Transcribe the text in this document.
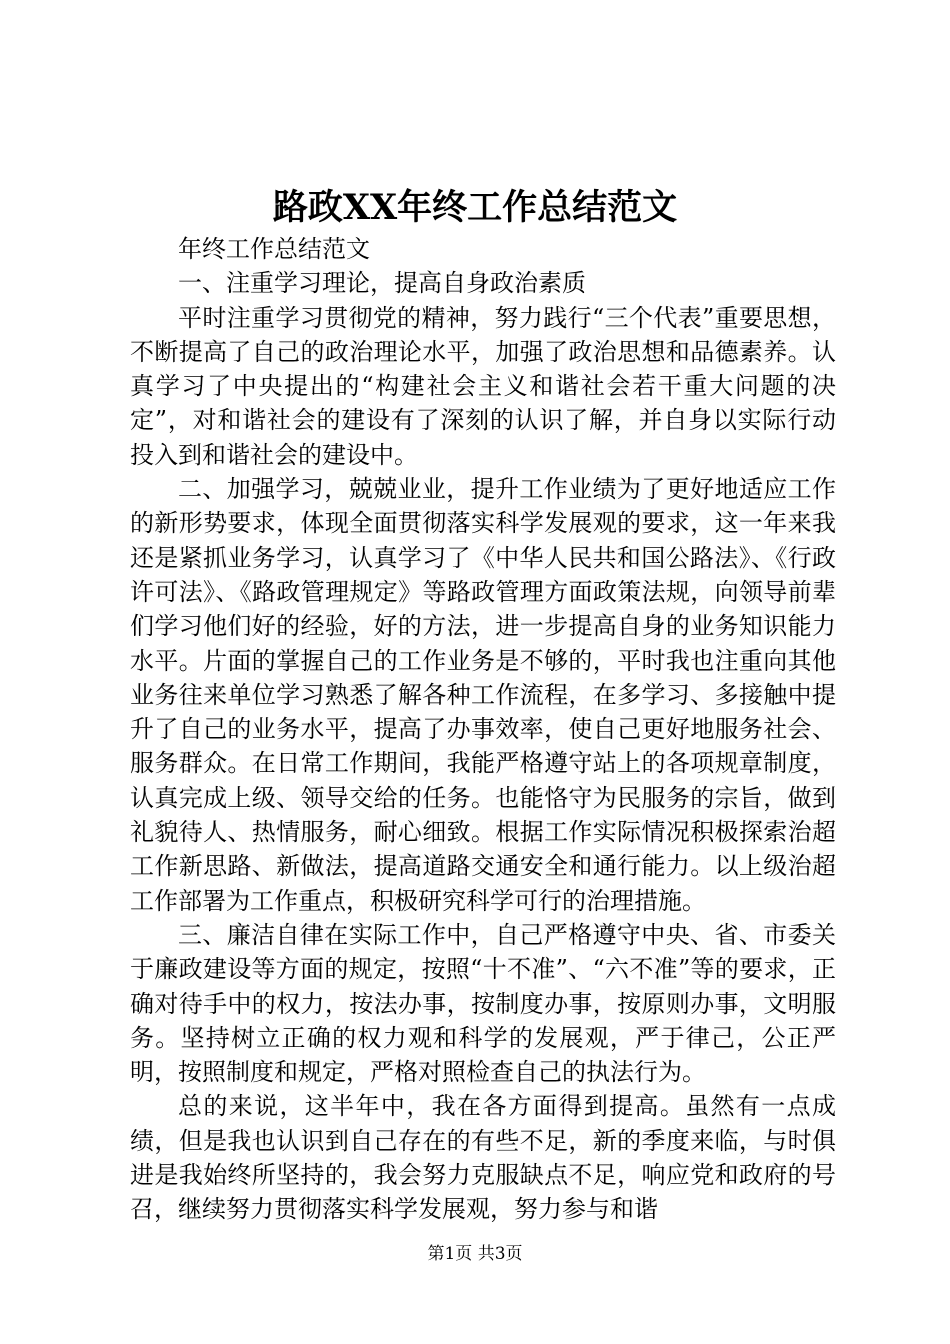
路政XX年终工作总结范文

年终工作总结范文

一、注重学习理论，提高自身政治素质

平时注重学习贯彻党的精神，努力践行“三个代表”重要思想，不断提高了自己的政治理论水平，加强了政治思想和品德素养。认真学习了中央提出的“构建社会主义和谐社会若干重大问题的决定”，对和谐社会的建设有了深刻的认识了解，并自身以实际行动投入到和谐社会的建设中。

二、加强学习，兢兢业业，提升工作业绩为了更好地适应工作的新形势要求，体现全面贯彻落实科学发展观的要求，这一年来我还是紧抓业务学习，认真学习了《中华人民共和国公路法》、《行政许可法》、《路政管理规定》等路政管理方面政策法规，向领导前辈们学习他们好的经验，好的方法，进一步提高自身的业务知识能力水平。片面的掌握自己的工作业务是不够的，平时我也注重向其他业务往来单位学习熟悉了解各种工作流程，在多学习、多接触中提升了自己的业务水平，提高了办事效率，使自己更好地服务社会、服务群众。在日常工作期间，我能严格遵守站上的各项规章制度，认真完成上级、领导交给的任务。也能恪守为民服务的宗旨，做到礼貌待人、热情服务，耐心细致。根据工作实际情况积极探索治超工作新思路、新做法，提高道路交通安全和通行能力。以上级治超工作部署为工作重点，积极研究科学可行的治理措施。

三、廉洁自律在实际工作中，自己严格遵守中央、省、市委关于廉政建设等方面的规定，按照“十不准”、“六不准”等的要求，正确对待手中的权力，按法办事，按制度办事，按原则办事，文明服务。坚持树立正确的权力观和科学的发展观，严于律己，公正严明，按照制度和规定，严格对照检查自己的执法行为。

总的来说，这半年中，我在各方面得到提高。虽然有一点成绩，但是我也认识到自己存在的有些不足，新的季度来临，与时俱进是我始终所坚持的，我会努力克服缺点不足，响应党和政府的号召，继续努力贯彻落实科学发展观，努力参与和谐

第1页 共3页
